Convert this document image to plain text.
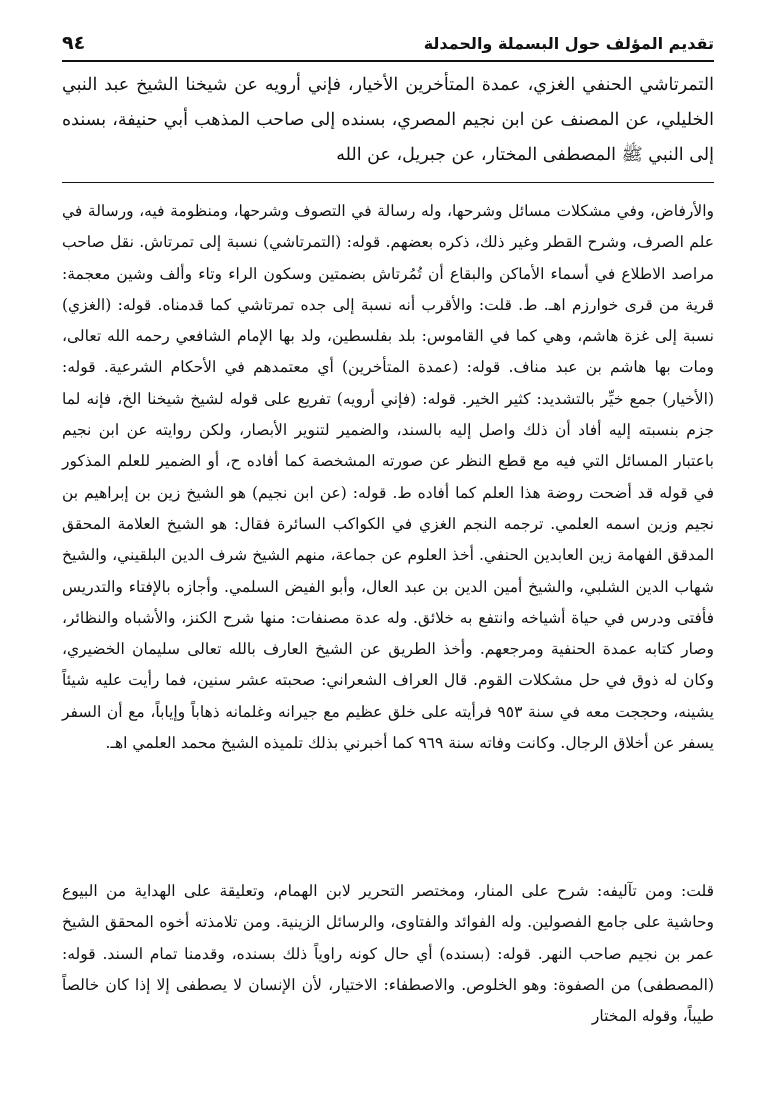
تقديم المؤلف حول البسملة والحمدلة
٩٤

التمرتاشي الحنفي الغزي، عمدة المتأخرين الأخيار، فإني أرويه عن شيخنا الشيخ عبد النبي الخليلي، عن المصنف عن ابن نجيم المصري، بسنده إلى صاحب المذهب أبي حنيفة، بسنده إلى النبي ﷺ المصطفى المختار، عن جبريل، عن الله

والأرفاض، وفي مشكلات مسائل وشرحها، وله رسالة في التصوف وشرحها، ومنظومة فيه، ورسالة في علم الصرف، وشرح القطر وغير ذلك، ذكره بعضهم. قوله: (التمرتاشي) نسبة إلى تمرتاش. نقل صاحب مراصد الاطلاع في أسماء الأماكن والبقاع أن تُمُرتاش بضمتين وسكون الراء وتاء وألف وشين معجمة: قرية من قرى خوارزم اهـ. ط. قلت: والأقرب أنه نسبة إلى جده تمرتاشي كما قدمناه. قوله: (الغزي) نسبة إلى غزة هاشم، وهي كما في القاموس: بلد بفلسطين، ولد بها الإمام الشافعي رحمه الله تعالى، ومات بها هاشم بن عبد مناف. قوله: (عمدة المتأخرين) أي معتمدهم في الأحكام الشرعية. قوله: (الأخيار) جمع خيِّر بالتشديد: كثير الخير. قوله: (فإني أرويه) تفريع على قوله لشيخ شيخنا الخ، فإنه لما جزم بنسبته إليه أفاد أن ذلك واصل إليه بالسند، والضمير لتنوير الأبصار، ولكن روايته عن ابن نجيم باعتبار المسائل التي فيه مع قطع النظر عن صورته المشخصة كما أفاده ح، أو الضمير للعلم المذكور في قوله قد أضحت روضة هذا العلم كما أفاده ط. قوله: (عن ابن نجيم) هو الشيخ زين بن إبراهيم بن نجيم وزين اسمه العلمي. ترجمه النجم الغزي في الكواكب السائرة فقال: هو الشيخ العلامة المحقق المدقق الفهامة زين العابدين الحنفي. أخذ العلوم عن جماعة، منهم الشيخ شرف الدين البلقيني، والشيخ شهاب الدين الشلبي، والشيخ أمين الدين بن عبد العال، وأبو الفيض السلمي. وأجازه بالإفتاء والتدريس فأفتى ودرس في حياة أشياخه وانتفع به خلائق. وله عدة مصنفات: منها شرح الكنز، والأشباه والنظائر، وصار كتابه عمدة الحنفية ومرجعهم. وأخذ الطريق عن الشيخ العارف بالله تعالى سليمان الخضيري، وكان له ذوق في حل مشكلات القوم. قال العراف الشعراني: صحبته عشر سنين، فما رأيت عليه شيئاً يشينه، وحججت معه في سنة ٩٥٣ فرأيته على خلق عظيم مع جيرانه وغلمانه ذهاباً وإياباً، مع أن السفر يسفر عن أخلاق الرجال. وكانت وفاته سنة ٩٦٩ كما أخبرني بذلك تلميذه الشيخ محمد العلمي اهـ.

قلت: ومن تآليفه: شرح على المنار، ومختصر التحرير لابن الهمام، وتعليقة على الهداية من البيوع وحاشية على جامع الفصولين. وله الفوائد والفتاوى، والرسائل الزينية. ومن تلامذته أخوه المحقق الشيخ عمر بن نجيم صاحب النهر. قوله: (بسنده) أي حال كونه راوياً ذلك بسنده، وقدمنا تمام السند. قوله: (المصطفى) من الصفوة: وهو الخلوص. والاصطفاء: الاختيار، لأن الإنسان لا يصطفى إلا إذا كان خالصاً طيباً، وقوله المختار
